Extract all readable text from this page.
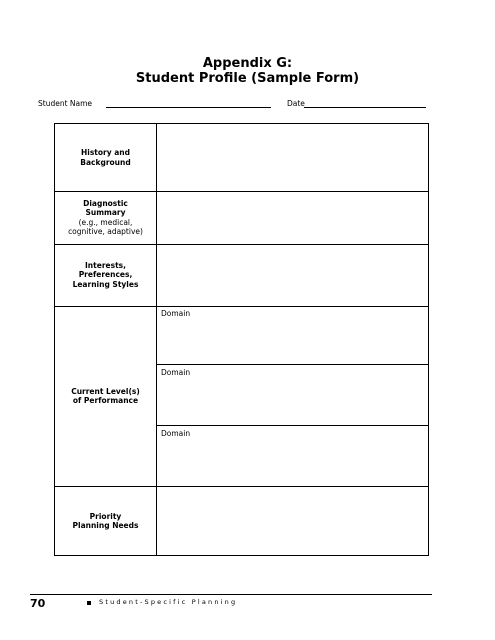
Appendix G:
Student Profile (Sample Form)
Student Name	Date
History and
Background
Diagnostic
Summary
(e.g., medical,
cognitive, adaptive)
Interests,
Preferences,
Learning Styles
Current Level(s)
of Performance
Priority
Planning Needs
Domain
Domain
Domain
70	Student-Specific Planning
